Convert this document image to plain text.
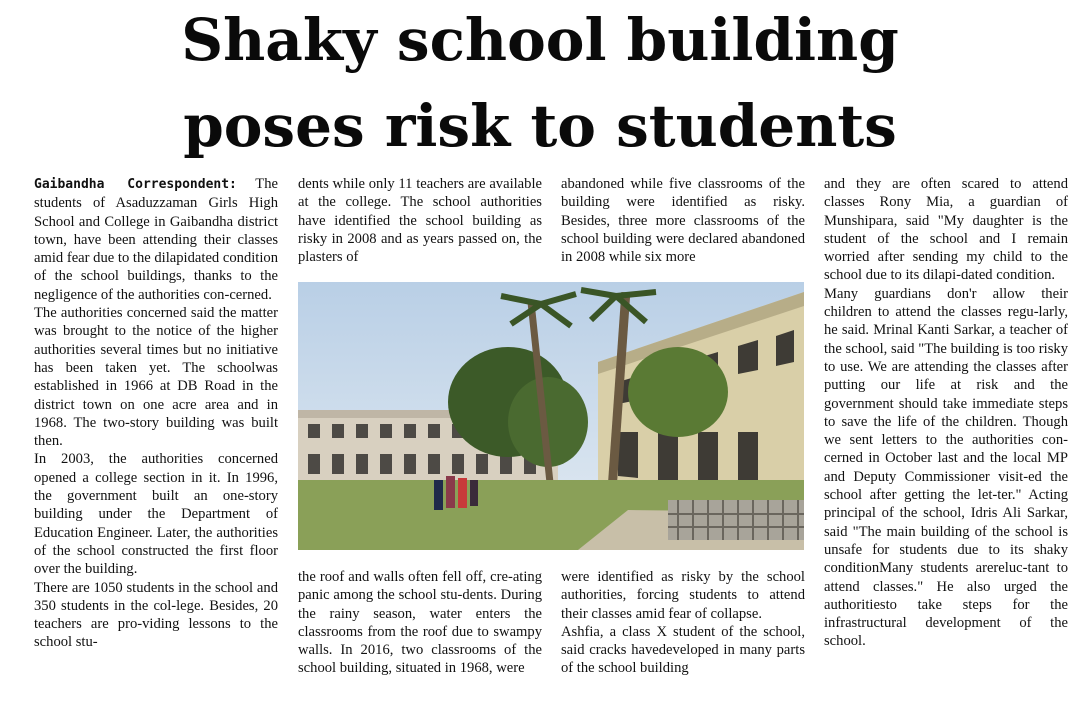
Shaky school building
poses risk to students

Gaibandha Correspondent: The students of Asaduzzaman Girls High School and College in Gaibandha district town, have been attending their classes amid fear due to the dilapidated condition of the school buildings, thanks to the negligence of the authorities con-cerned.

The authorities concerned said the matter was brought to the notice of the higher authorities several times but no initiative has been taken yet. The schoolwas established in 1966 at DB Road in the district town on one acre area and in 1968. The two-story building was built then.

In 2003, the authorities concerned opened a college section in it. In 1996, the government built an one-story building under the Department of Education Engineer. Later, the authorities of the school constructed the first floor over the building.

There are 1050 students in the school and 350 students in the col-lege. Besides, 20 teachers are pro-viding lessons to the school stu-

dents while only 11 teachers are available at the college. The school authorities have identified the school building as risky in 2008 and as years passed on, the plasters of

abandoned while five classrooms of the building were identified as risky. Besides, three more classrooms of the school building were declared abandoned in 2008 while six more

the roof and walls often fell off, cre-ating panic among the school stu-dents. During the rainy season, water enters the classrooms from the roof due to swampy walls. In 2016, two classrooms of the school building, situated in 1968, were

were identified as risky by the school authorities, forcing students to attend their classes amid fear of collapse.

Ashfia, a class X student of the school, said cracks havedeveloped in many parts of the school building

and they are often scared to attend classes Rony Mia, a guardian of Munshipara, said "My daughter is the student of the school and I remain worried after sending my child to the school due to its dilapi-dated condition.

Many guardians don'r allow their children to attend the classes regu-larly, he said. Mrinal Kanti Sarkar, a teacher of the school, said "The building is too risky to use. We are attending the classes after putting our life at risk and the government should take immediate steps to save the life of the children. Though we sent letters to the authorities con-cerned in October last and the local MP and Deputy Commissioner visit-ed the school after getting the let-ter." Acting principal of the school, Idris Ali Sarkar, said "The main building of the school is unsafe for students due to its shaky conditionMany students arereluc-tant to attend classes." He also urged the authoritiesto take steps for the infrastructural development of the school.
